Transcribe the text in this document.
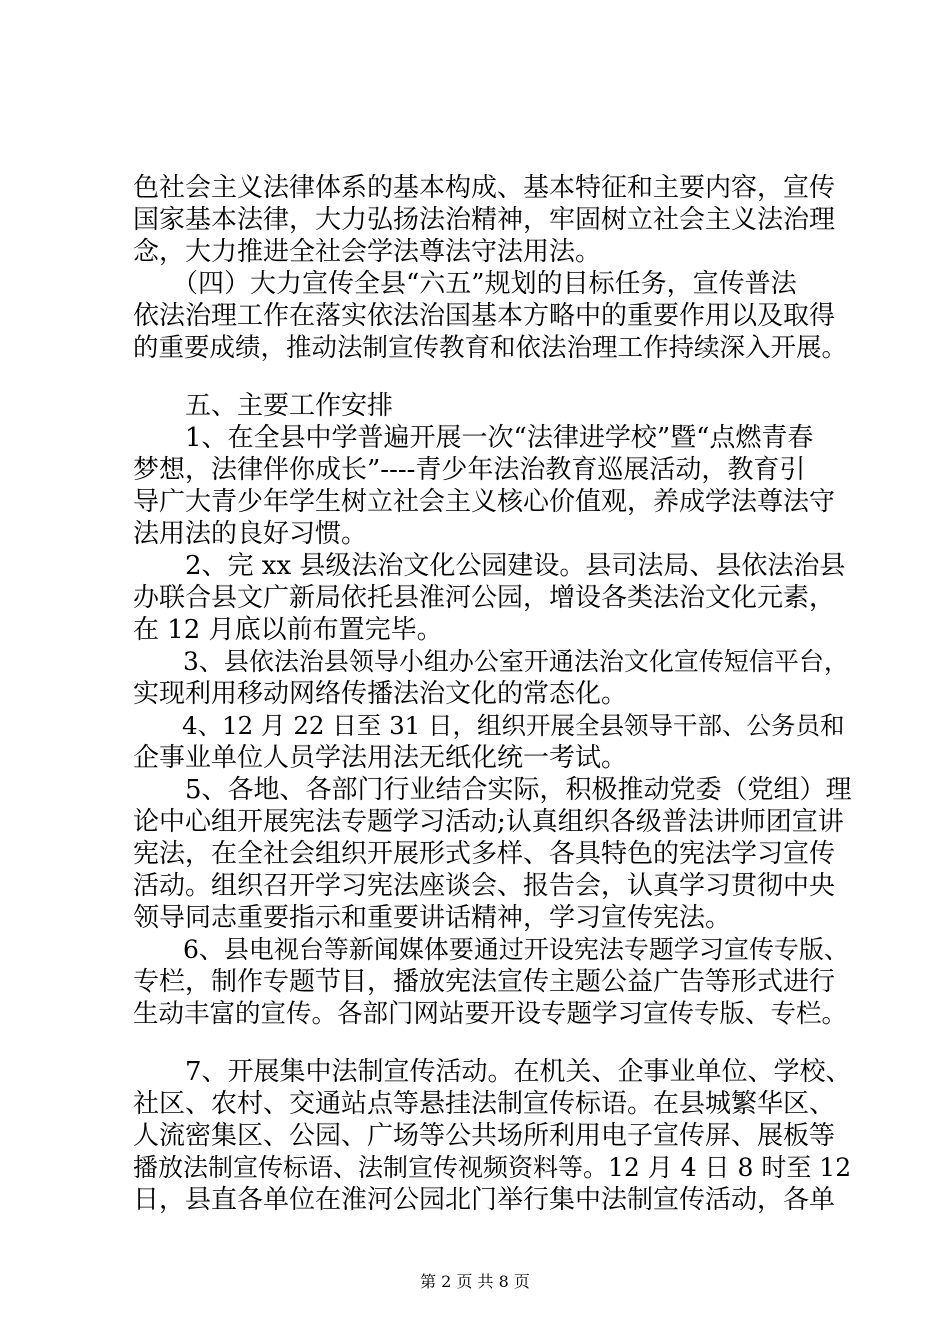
色社会主义法律体系的基本构成、基本特征和主要内容，宣传
国家基本法律，大力弘扬法治精神，牢固树立社会主义法治理
念，大力推进全社会学法尊法守法用法。
　　（四）大力宣传全县“六五”规划的目标任务，宣传普法
依法治理工作在落实依法治国基本方略中的重要作用以及取得
的重要成绩，推动法制宣传教育和依法治理工作持续深入开展。
　　五、主要工作安排
　　1、在全县中学普遍开展一次“法律进学校”暨“点燃青春
梦想，法律伴你成长”----青少年法治教育巡展活动，教育引
导广大青少年学生树立社会主义核心价值观，养成学法尊法守
法用法的良好习惯。
　　2、完 xx 县级法治文化公园建设。县司法局、县依法治县
办联合县文广新局依托县淮河公园，增设各类法治文化元素，
在 12 月底以前布置完毕。
　　3、县依法治县领导小组办公室开通法治文化宣传短信平台，
实现利用移动网络传播法治文化的常态化。
　　4、12 月 22 日至 31 日，组织开展全县领导干部、公务员和
企事业单位人员学法用法无纸化统一考试。
　　5、各地、各部门行业结合实际，积极推动党委（党组）理
论中心组开展宪法专题学习活动;认真组织各级普法讲师团宣讲
宪法，在全社会组织开展形式多样、各具特色的宪法学习宣传
活动。组织召开学习宪法座谈会、报告会，认真学习贯彻中央
领导同志重要指示和重要讲话精神，学习宣传宪法。
　　6、县电视台等新闻媒体要通过开设宪法专题学习宣传专版、
专栏，制作专题节目，播放宪法宣传主题公益广告等形式进行
生动丰富的宣传。各部门网站要开设专题学习宣传专版、专栏。
　　7、开展集中法制宣传活动。在机关、企事业单位、学校、
社区、农村、交通站点等悬挂法制宣传标语。在县城繁华区、
人流密集区、公园、广场等公共场所利用电子宣传屏、展板等
播放法制宣传标语、法制宣传视频资料等。12 月 4 日 8 时至 12
日，县直各单位在淮河公园北门举行集中法制宣传活动，各单
第 2 页 共 8 页
